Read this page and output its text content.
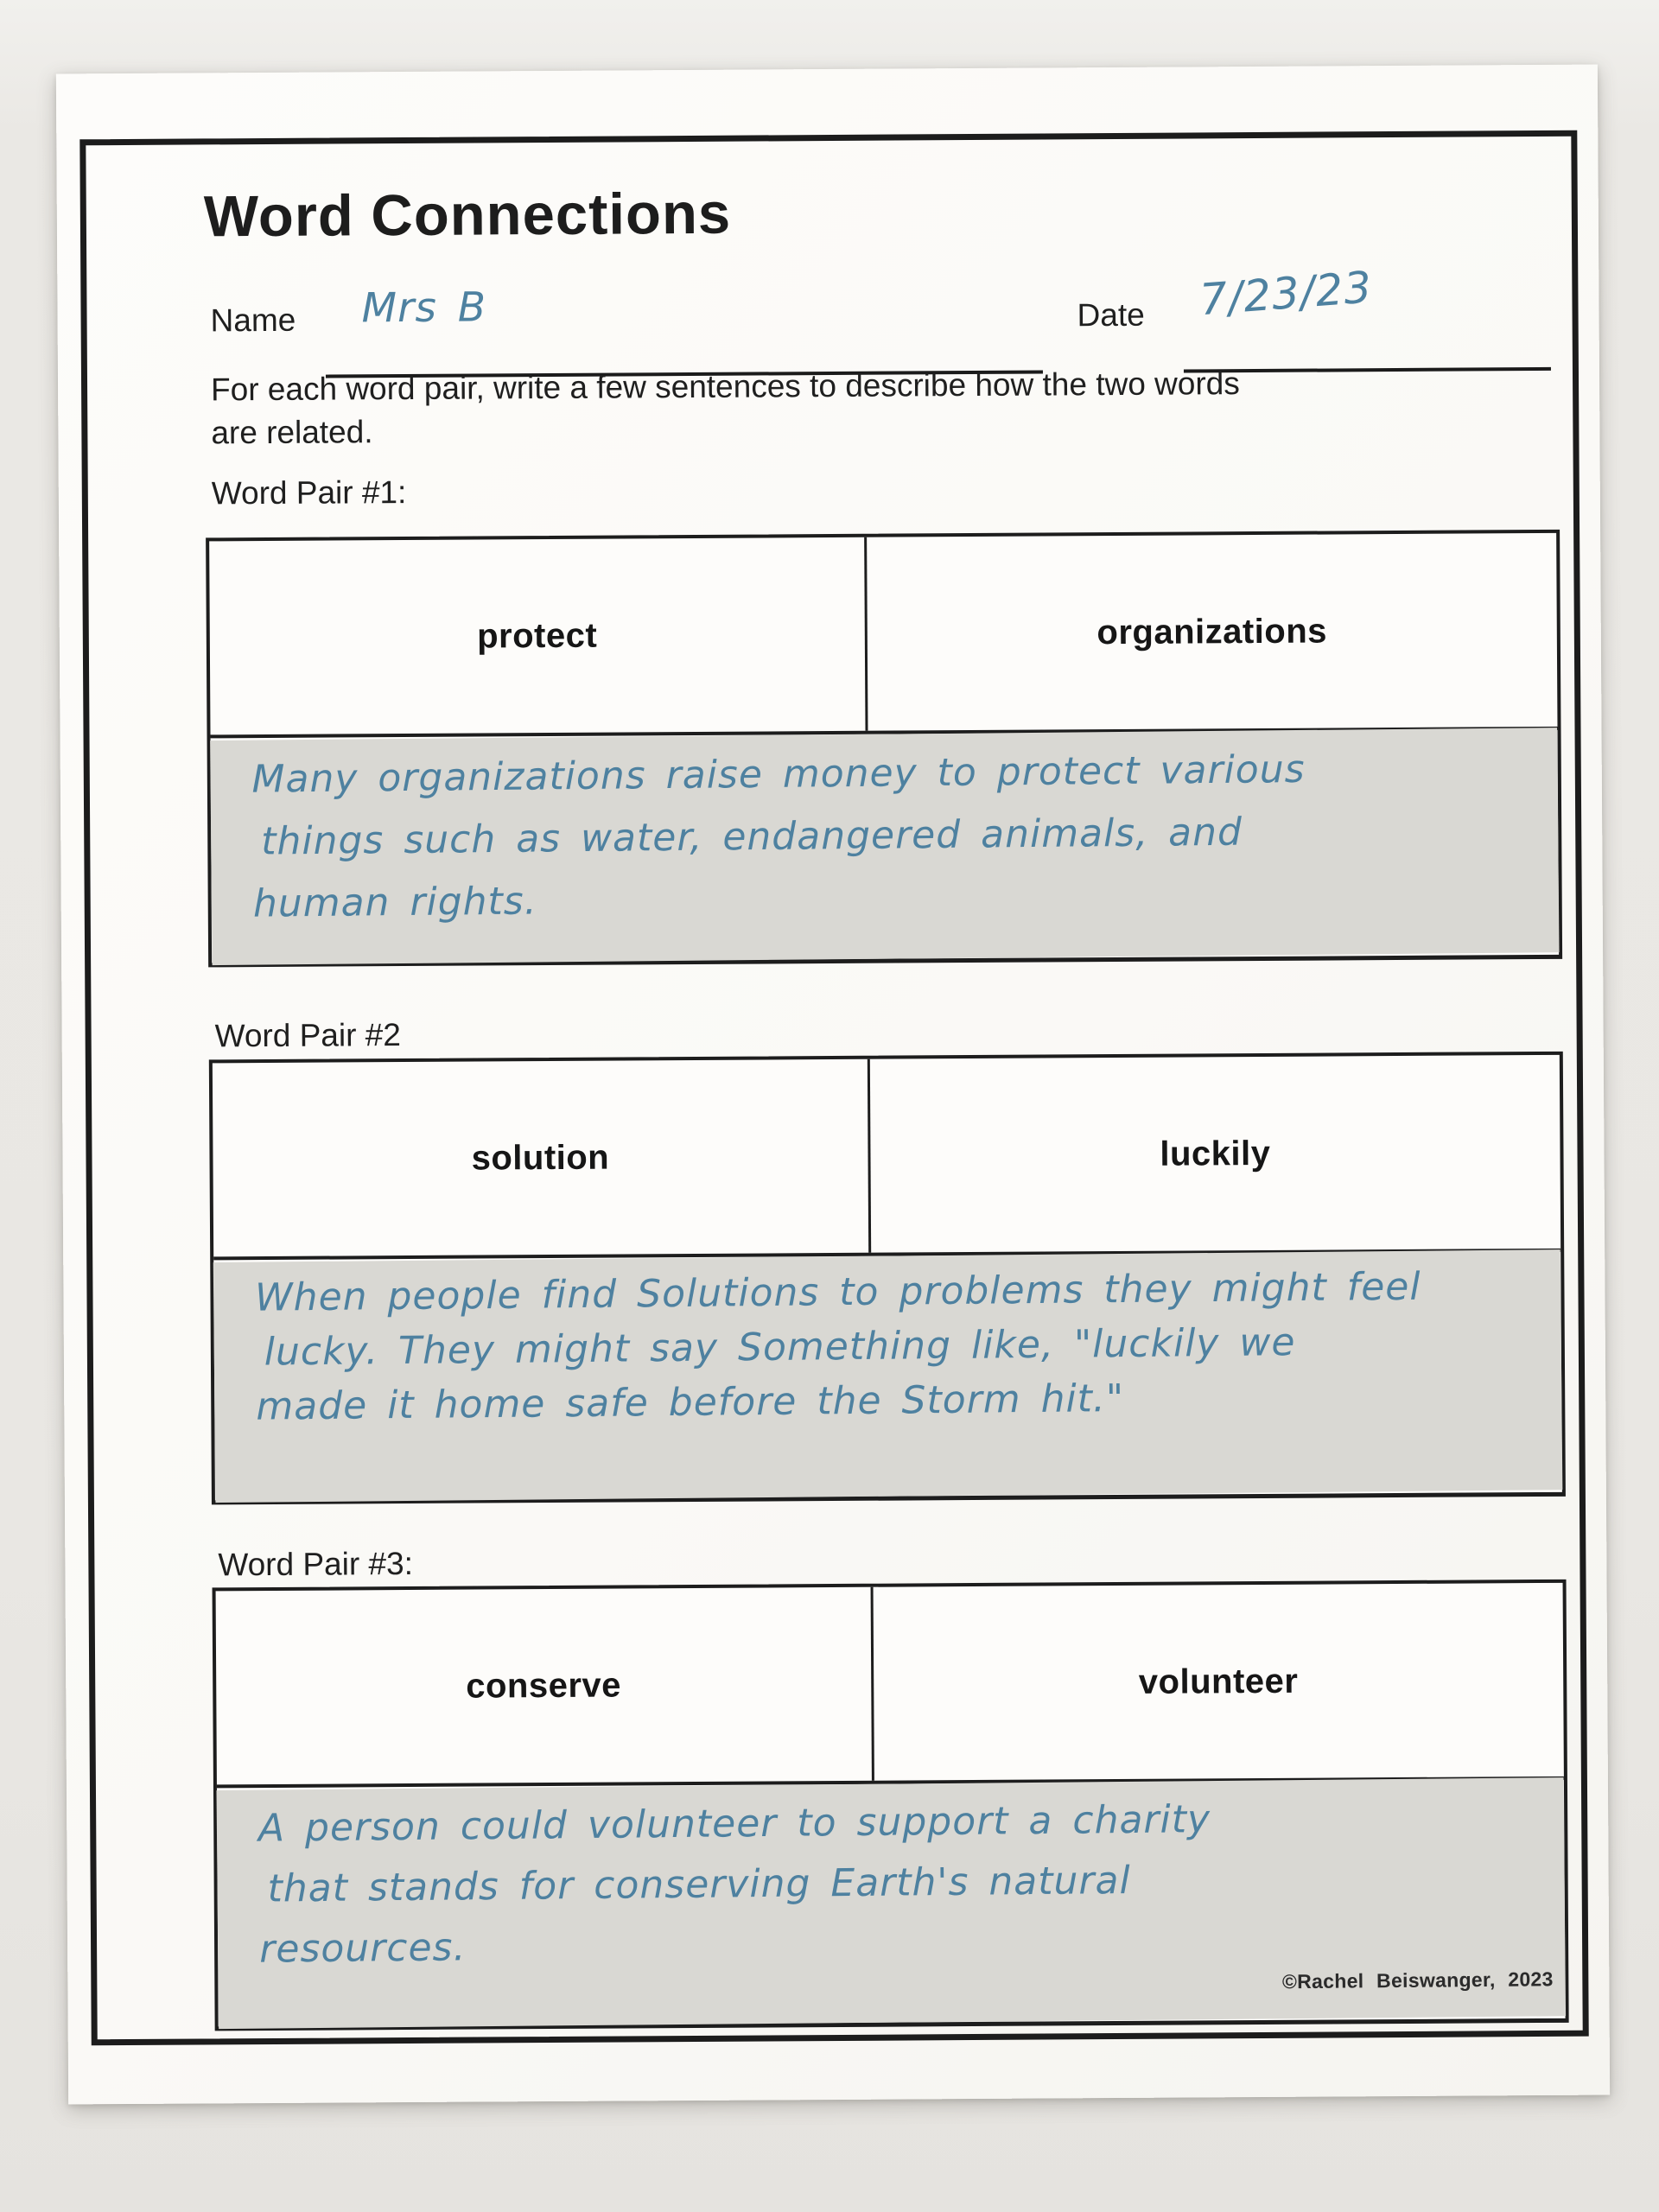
Word Connections
Name Mrs B	Date 7/23/23
For each word pair, write a few sentences to describe how the two words
are related.
Word Pair #1:
protect	organizations
Many organizations raise money to protect various
things such as water, endangered animals, and
human rights.
Word Pair #2
solution	luckily
When people find Solutions to problems they might feel
lucky. They might say Something like, "luckily we
made it home safe before the Storm hit."
Word Pair #3:
conserve	volunteer
A person could volunteer to support a charity
that stands for conserving Earth's natural
resources.
©Rachel Beiswanger, 2023
